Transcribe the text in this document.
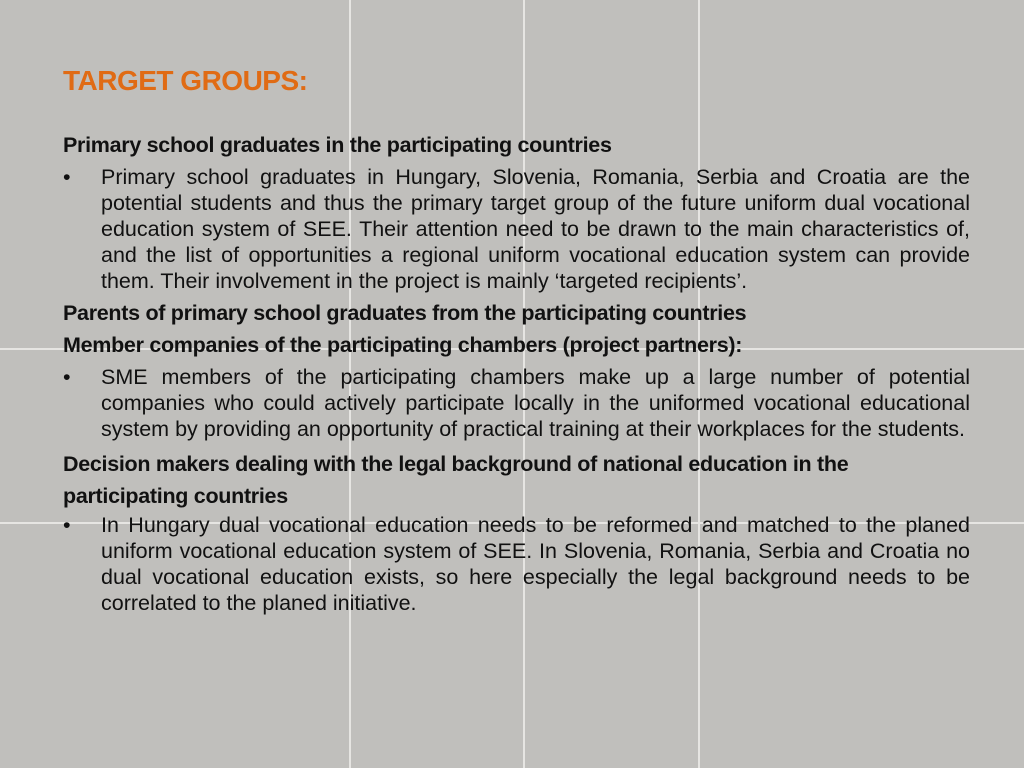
TARGET GROUPS:

Primary school graduates in the participating countries

•	Primary school graduates in Hungary, Slovenia, Romania, Serbia and Croatia are the potential students and thus the primary target group of the future uniform dual vocational education system of SEE. Their attention need to be drawn to the main characteristics of, and the list of opportunities a regional uniform vocational education system can provide them. Their involvement in the project is mainly ‘targeted recipients’.

Parents of primary school graduates from the participating countries

Member companies of the participating chambers (project partners):

•	SME members of the participating chambers make up a large number of potential companies who could actively participate locally in the uniformed vocational educational system by providing an opportunity of practical training at their workplaces for the students.

Decision makers dealing with the legal background of national education in the participating countries

•	In Hungary dual vocational education needs to be reformed and matched to the planed uniform vocational education system of SEE. In Slovenia, Romania, Serbia and Croatia no dual vocational education exists, so here especially the legal background needs to be correlated to the planed initiative.
